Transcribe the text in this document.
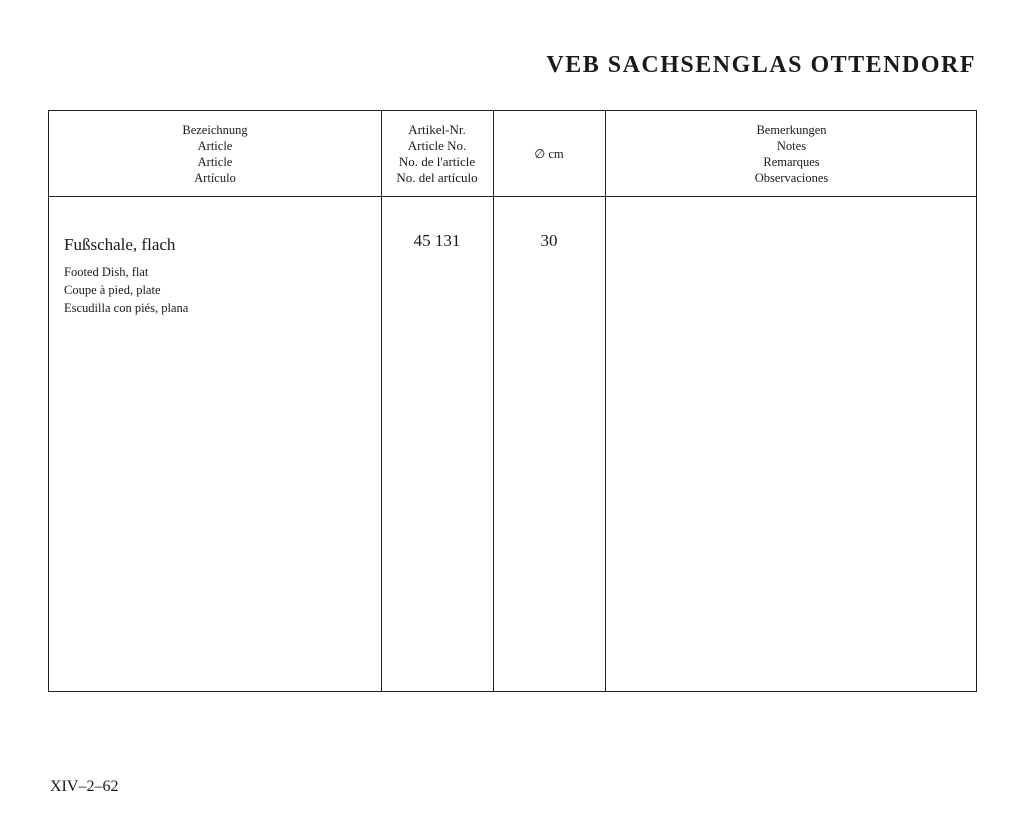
VEB SACHSENGLAS OTTENDORF
Bezeichnung
Article
Article
Artículo
Artikel-Nr.
Article No.
No. de l'article
No. del artículo
∅ cm
Bemerkungen
Notes
Remarques
Observaciones
Fußschale, flach
Footed Dish, flat
Coupe à pied, plate
Escudilla con piés, plana
45 131	30
XIV–2–62
